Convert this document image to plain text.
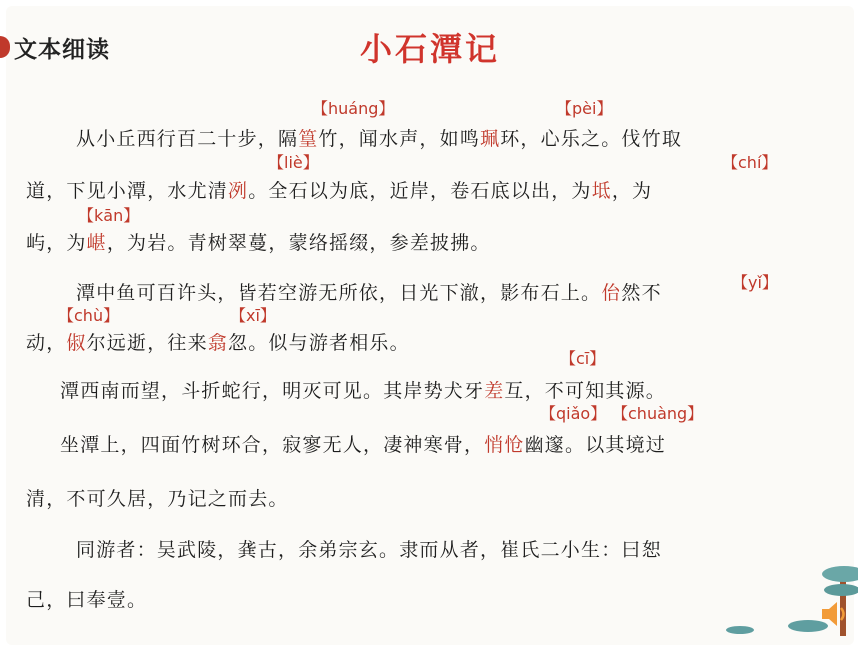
文本细读	小石潭记
【huáng】	【pèi】
【liè】	【chí】
【kān】
【yǐ】
【chù】	【xī】
【cī】
【qiǎo】 【chuàng】
从小丘西行百二十步，隔篁竹，闻水声，如鸣珮环，心乐之。伐竹取
道，下见小潭，水尤清冽。全石以为底，近岸，卷石底以出，为坻，为
屿，为嵁，为岩。青树翠蔓，蒙络摇缀，参差披拂。
潭中鱼可百许头，皆若空游无所依，日光下澈，影布石上。佁然不
动，俶尔远逝，往来翕忽。似与游者相乐。
潭西南而望，斗折蛇行，明灭可见。其岸势犬牙差互，不可知其源。
坐潭上，四面竹树环合，寂寥无人，凄神寒骨，悄怆幽邃。以其境过
清，不可久居，乃记之而去。
同游者：吴武陵，龚古，余弟宗玄。隶而从者，崔氏二小生：曰恕
己，曰奉壹。
